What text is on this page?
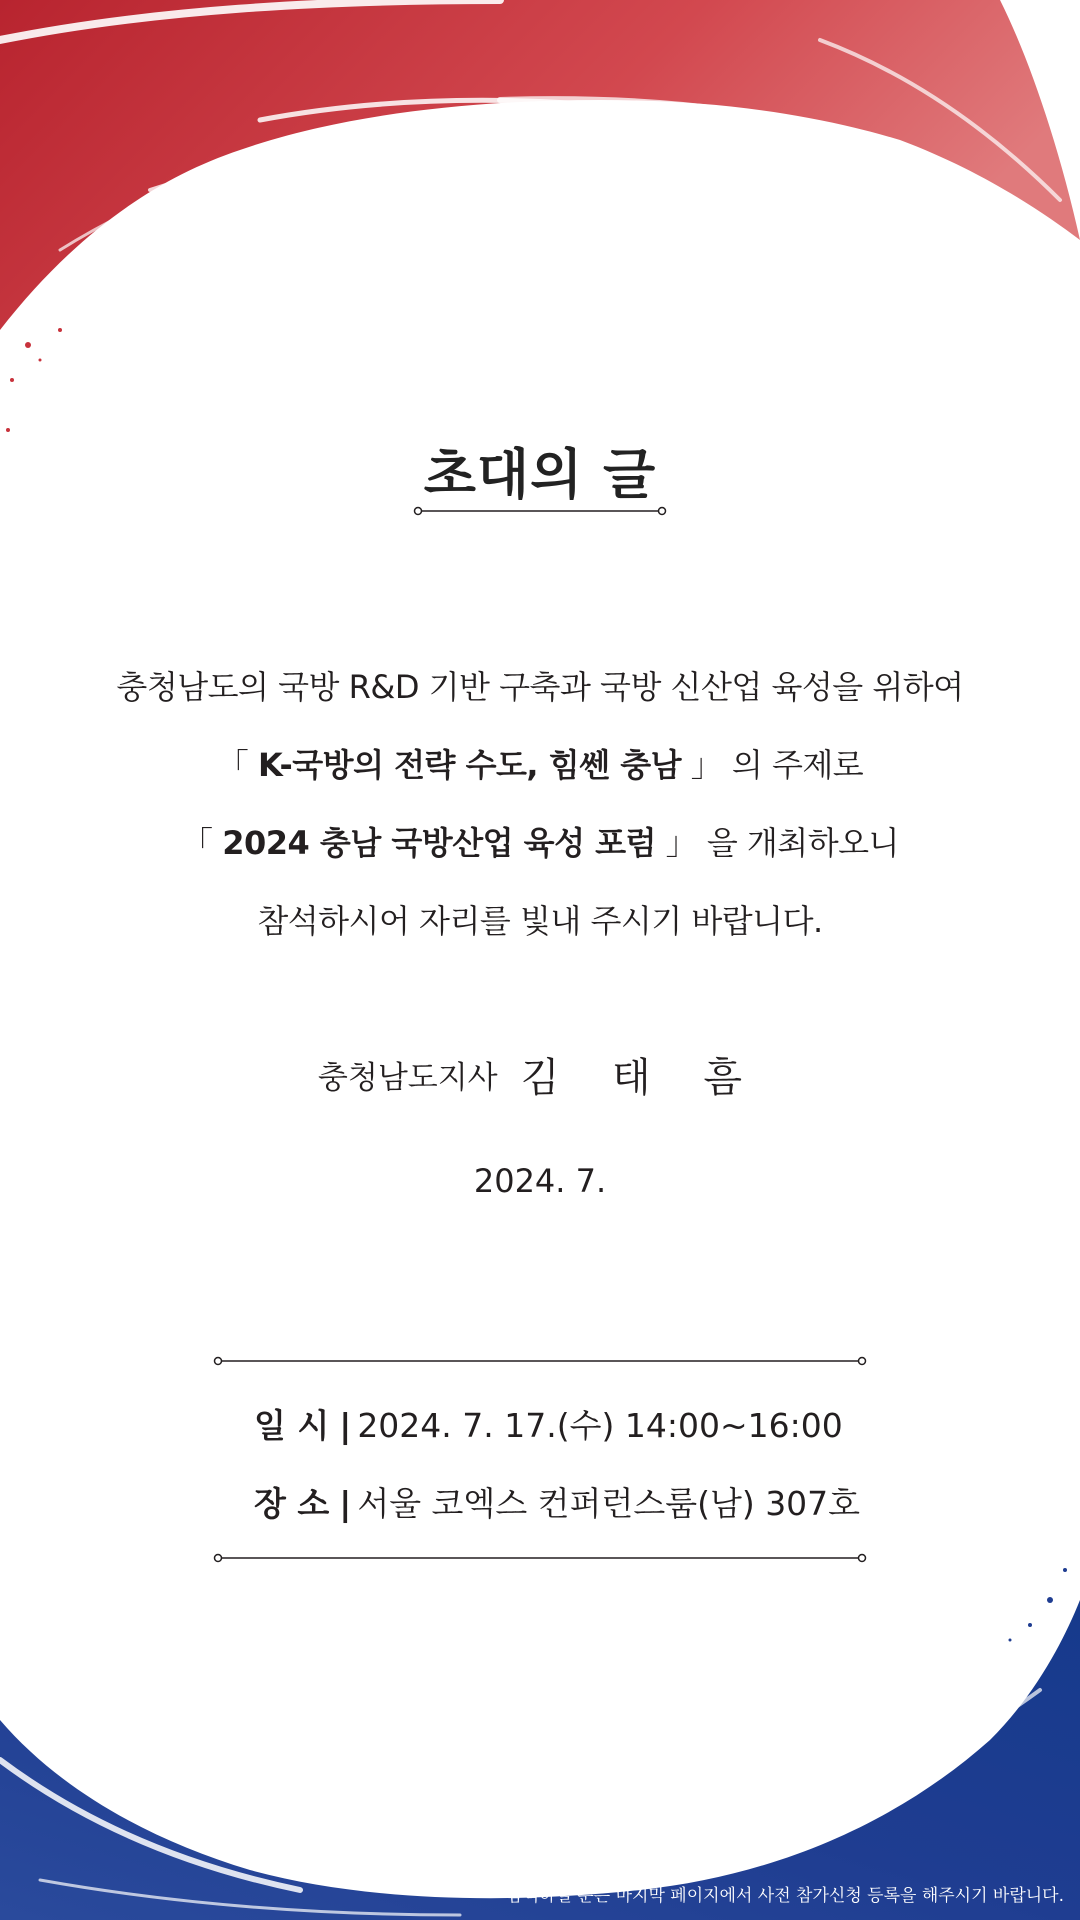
초대의 글
충청남도의 국방 R&D 기반 구축과 국방 신산업 육성을 위하여
「 K-국방의 전략 수도, 힘쎈 충남 」 의 주제로
「 2024 충남 국방산업 육성 포럼 」 을 개최하오니
참석하시어 자리를 빛내 주시기 바랍니다.
충청남도지사 김 태 흠
2024. 7.
일 시 | 2024. 7. 17.(수) 14:00~16:00
장 소 | 서울 코엑스 컨퍼런스룸(남) 307호
참석하실 분은 마지막 페이지에서 사전 참가신청 등록을 해주시기 바랍니다.
